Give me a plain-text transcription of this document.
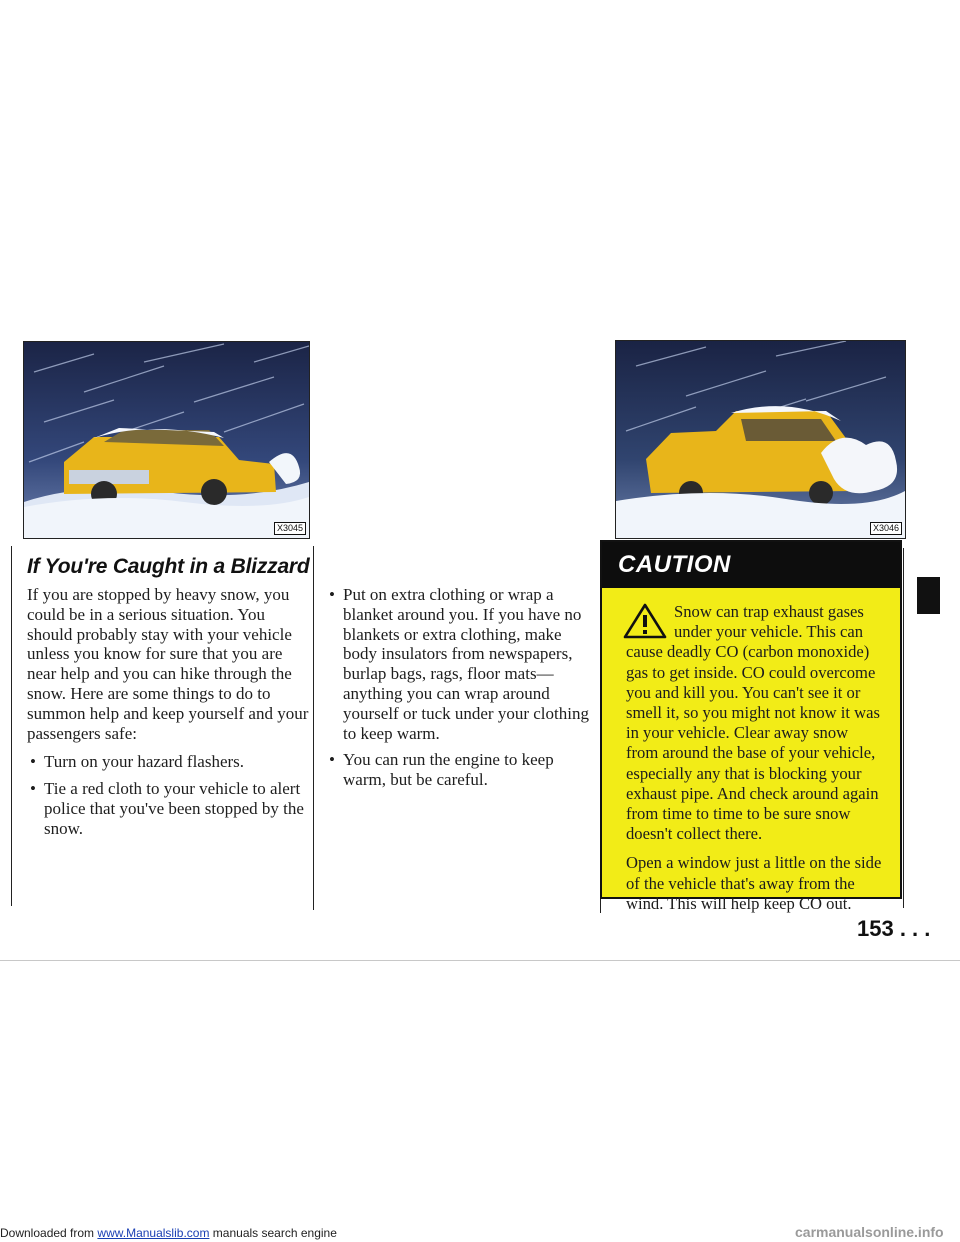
X3045	X3046
If You're Caught in a Blizzard

If you are stopped by heavy snow, you could be in a serious situation. You should probably stay with your vehicle unless you know for sure that you are near help and you can hike through the snow. Here are some things to do to summon help and keep yourself and your passengers safe:

• Turn on your hazard flashers.
• Tie a red cloth to your vehicle to alert police that you've been stopped by the snow.
• Put on extra clothing or wrap a blanket around you. If you have no blankets or extra clothing, make body insulators from newspapers, burlap bags, rags, floor mats—anything you can wrap around yourself or tuck under your clothing to keep warm.
• You can run the engine to keep warm, but be careful.
CAUTION

Snow can trap exhaust gases under your vehicle. This can cause deadly CO (carbon monoxide) gas to get inside. CO could overcome you and kill you. You can't see it or smell it, so you might not know it was in your vehicle. Clear away snow from around the base of your vehicle, especially any that is blocking your exhaust pipe. And check around again from time to time to be sure snow doesn't collect there.

Open a window just a little on the side of the vehicle that's away from the wind. This will help keep CO out.

153 . . .
Downloaded from www.Manualslib.com manuals search engine	carmanualsonline.info
